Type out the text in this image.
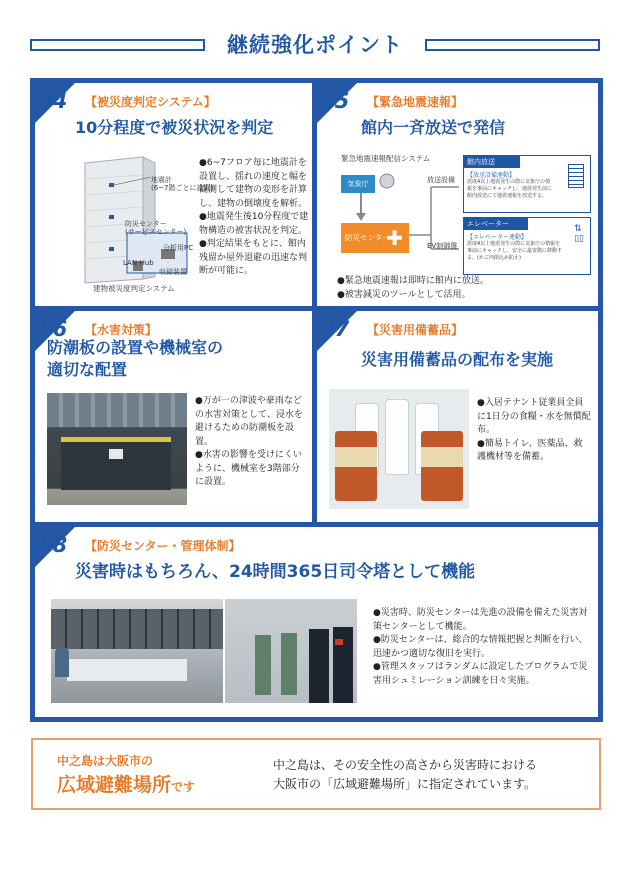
継続強化ポイント
04 【被災度判定システム】
10分程度で被災状況を判定
地震計
(6~7階ごとに設置)
防災センター
(サービスセンター)
分析用PC
LAN-Hub
収録装置
建物被災度判定システム

●6~7フロア毎に地震計を設置し、揺れの速度と幅を観測して建物の変形を計算し、建物の倒壊度を解析。

●地震発生後10分程度で建物構造の被害状況を判定。

●判定結果をもとに、館内残留か屋外退避の迅速な判断が可能に。

05 【緊急地震速報】
館内一斉放送で発信
緊急地震速報配信システム
気象庁
防災センター
✚
放送設備
EV制御盤
館内放送
【放送設備連動】
震度4以上地震発生の際に気象庁の情報を事前にキャッチし、地震発生前に館内放送にて地震速報を放送する。
エレベーター
【エレベーター連動】
震度4以上地震発生の際に気象庁の情報を事前にキャッチし、安全に最寄階に移動する。(かご内閉込め防止)
⇅
▯▯

●緊急地震速報は即時に館内に放送。

●被害減災のツールとして活用。

06 【水害対策】
防潮板の設置や機械室の
適切な配置

●万が一の津波や豪雨などの水害対策として、浸水を避けるための防潮板を設置。

●水害の影響を受けにくいように、機械室を3階部分に設置。

07 【災害用備蓄品】
災害用備蓄品の配布を実施

●入居テナント従業員全員に1日分の食糧・水を無償配布。

●簡易トイレ、医薬品、救護機材等を備蓄。

08 【防災センター・管理体制】
災害時はもちろん、24時間365日司令塔として機能

●災害時、防災センターは先進の設備を備えた災害対策センターとして機能。

●防災センターは、総合的な情報把握と判断を行い、迅速かつ適切な復旧を実行。

●管理スタッフはランダムに設定したプログラムで災害用シュミレーション訓練を日々実施。

中之島は大阪市の
広域避難場所です
中之島は、その安全性の高さから災害時における
大阪市の「広域避難場所」に指定されています。
